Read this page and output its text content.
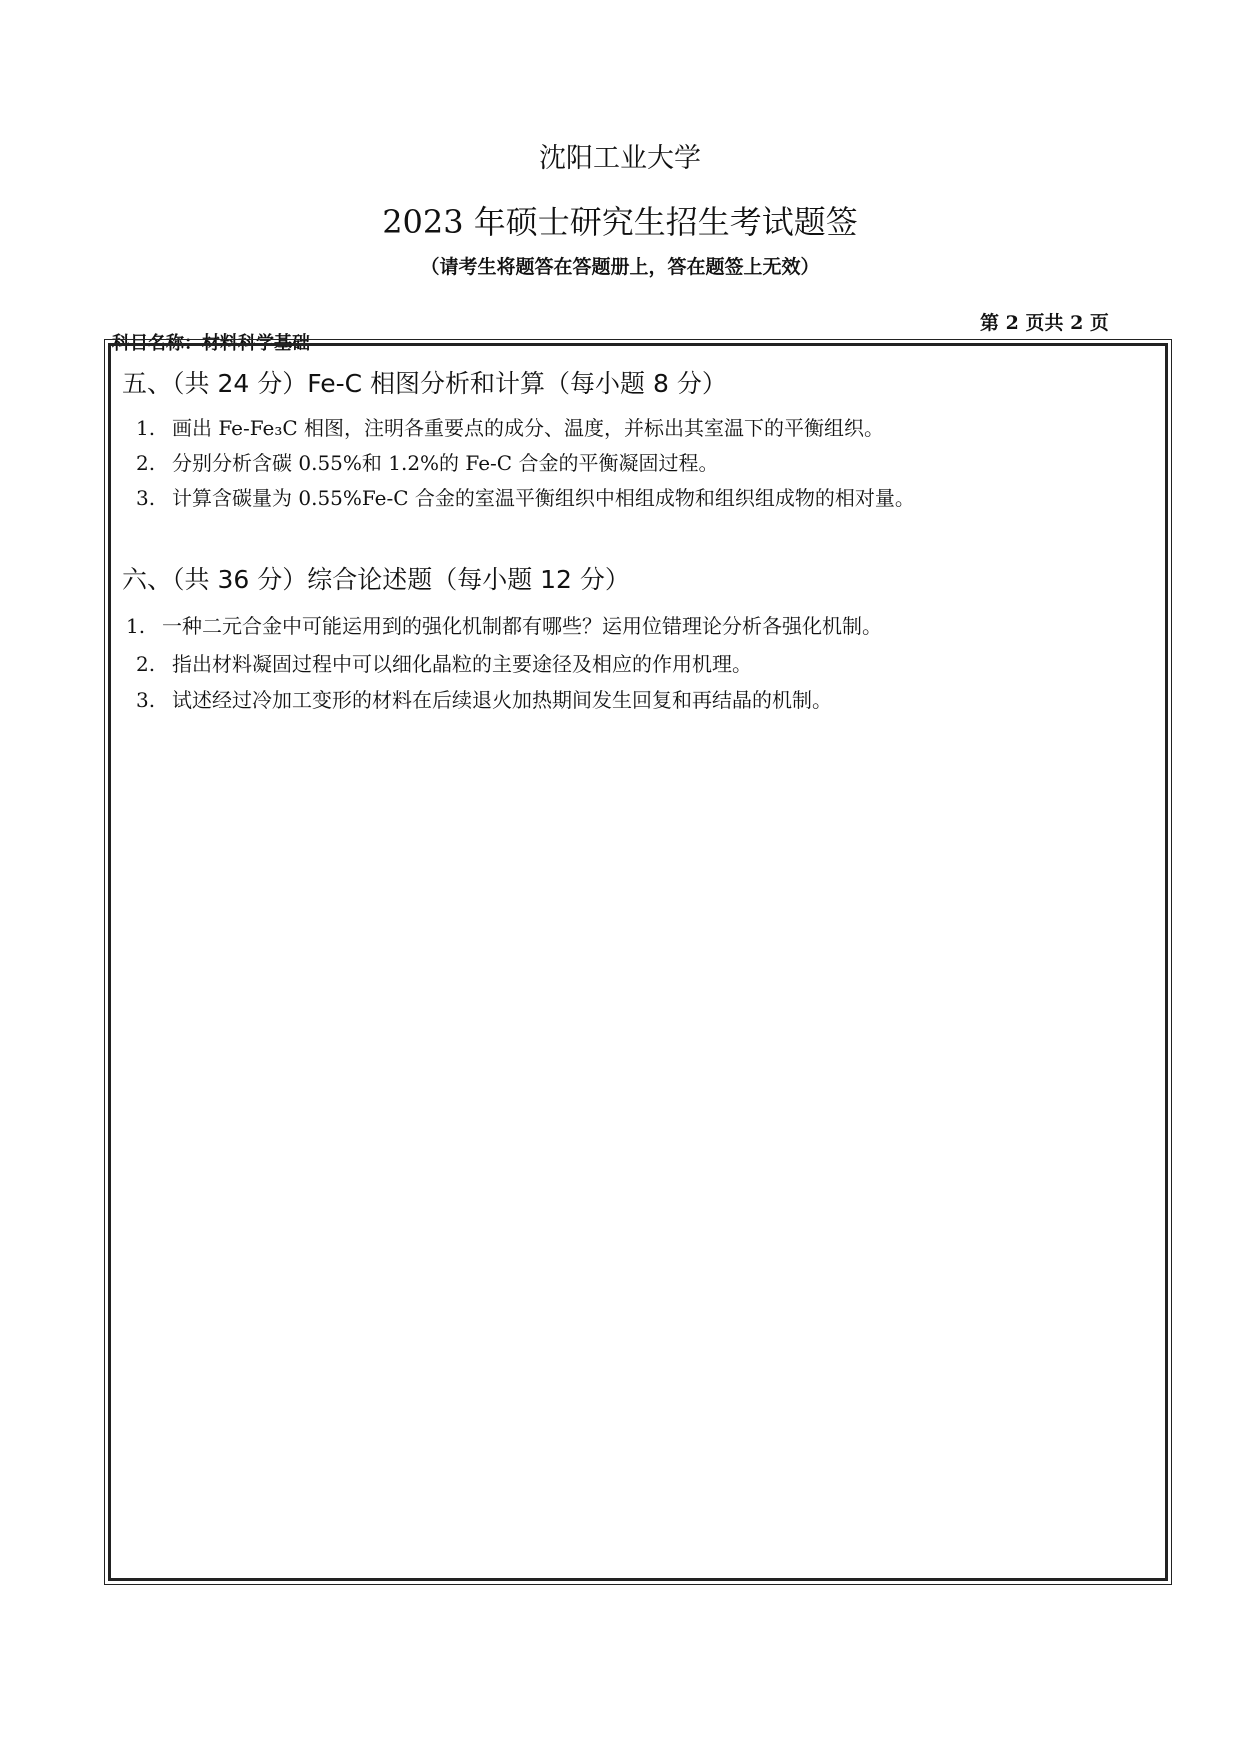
沈阳工业大学
2023 年硕士研究生招生考试题签
（请考生将题答在答题册上，答在题签上无效）
科目名称：材料科学基础
第 2 页共 2 页
五、（共 24 分）Fe-C 相图分析和计算（每小题 8 分）
1. 画出 Fe-Fe₃C 相图，注明各重要点的成分、温度，并标出其室温下的平衡组织。
2. 分别分析含碳 0.55%和 1.2%的 Fe-C 合金的平衡凝固过程。
3. 计算含碳量为 0.55%Fe-C 合金的室温平衡组织中相组成物和组织组成物的相对量。
六、（共 36 分）综合论述题（每小题 12 分）
1. 一种二元合金中可能运用到的强化机制都有哪些？运用位错理论分析各强化机制。
2. 指出材料凝固过程中可以细化晶粒的主要途径及相应的作用机理。
3. 试述经过冷加工变形的材料在后续退火加热期间发生回复和再结晶的机制。
